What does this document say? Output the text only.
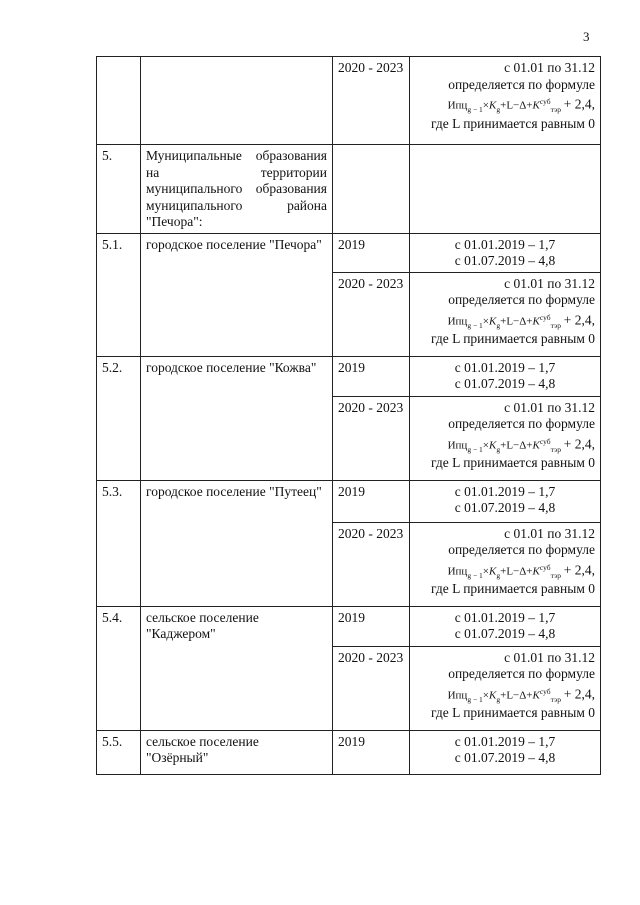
3
		2020 - 2023	с 01.01 по 31.12
определяется по формуле
$Ипц_{g - 1}\times K_g+L-\Delta+K^{суб}_{тэр} + 2,4$,
где L принимается равным 0

5.	Муниципальные образования на территории муниципального образования муниципального района "Печора":		
5.1.	городское поселение "Печора"	2019	с 01.01.2019 – 1,7
с 01.07.2019 – 4,8

		2020 - 2023	с 01.01 по 31.12
определяется по формуле
$Ипц_{g - 1}\times K_g+L-\Delta+K^{суб}_{тэр} + 2,4$,
где L принимается равным 0

5.2.	городское поселение "Кожва"	2019	с 01.01.2019 – 1,7
с 01.07.2019 – 4,8

		2020 - 2023	с 01.01 по 31.12
определяется по формуле
$Ипц_{g - 1}\times K_g+L-\Delta+K^{суб}_{тэр} + 2,4$,
где L принимается равным 0

5.3.	городское поселение "Путеец"	2019	с 01.01.2019 – 1,7
с 01.07.2019 – 4,8

		2020 - 2023	с 01.01 по 31.12
определяется по формуле
$Ипц_{g - 1}\times K_g+L-\Delta+K^{суб}_{тэр} + 2,4$,
где L принимается равным 0

5.4.	сельское поселение
"Каджером"	2019	с 01.01.2019 – 1,7
с 01.07.2019 – 4,8

		2020 - 2023	с 01.01 по 31.12
определяется по формуле
$Ипц_{g - 1}\times K_g+L-\Delta+K^{суб}_{тэр} + 2,4$,
где L принимается равным 0

5.5.	сельское поселение
"Озёрный"	2019	с 01.01.2019 – 1,7
с 01.07.2019 – 4,8
